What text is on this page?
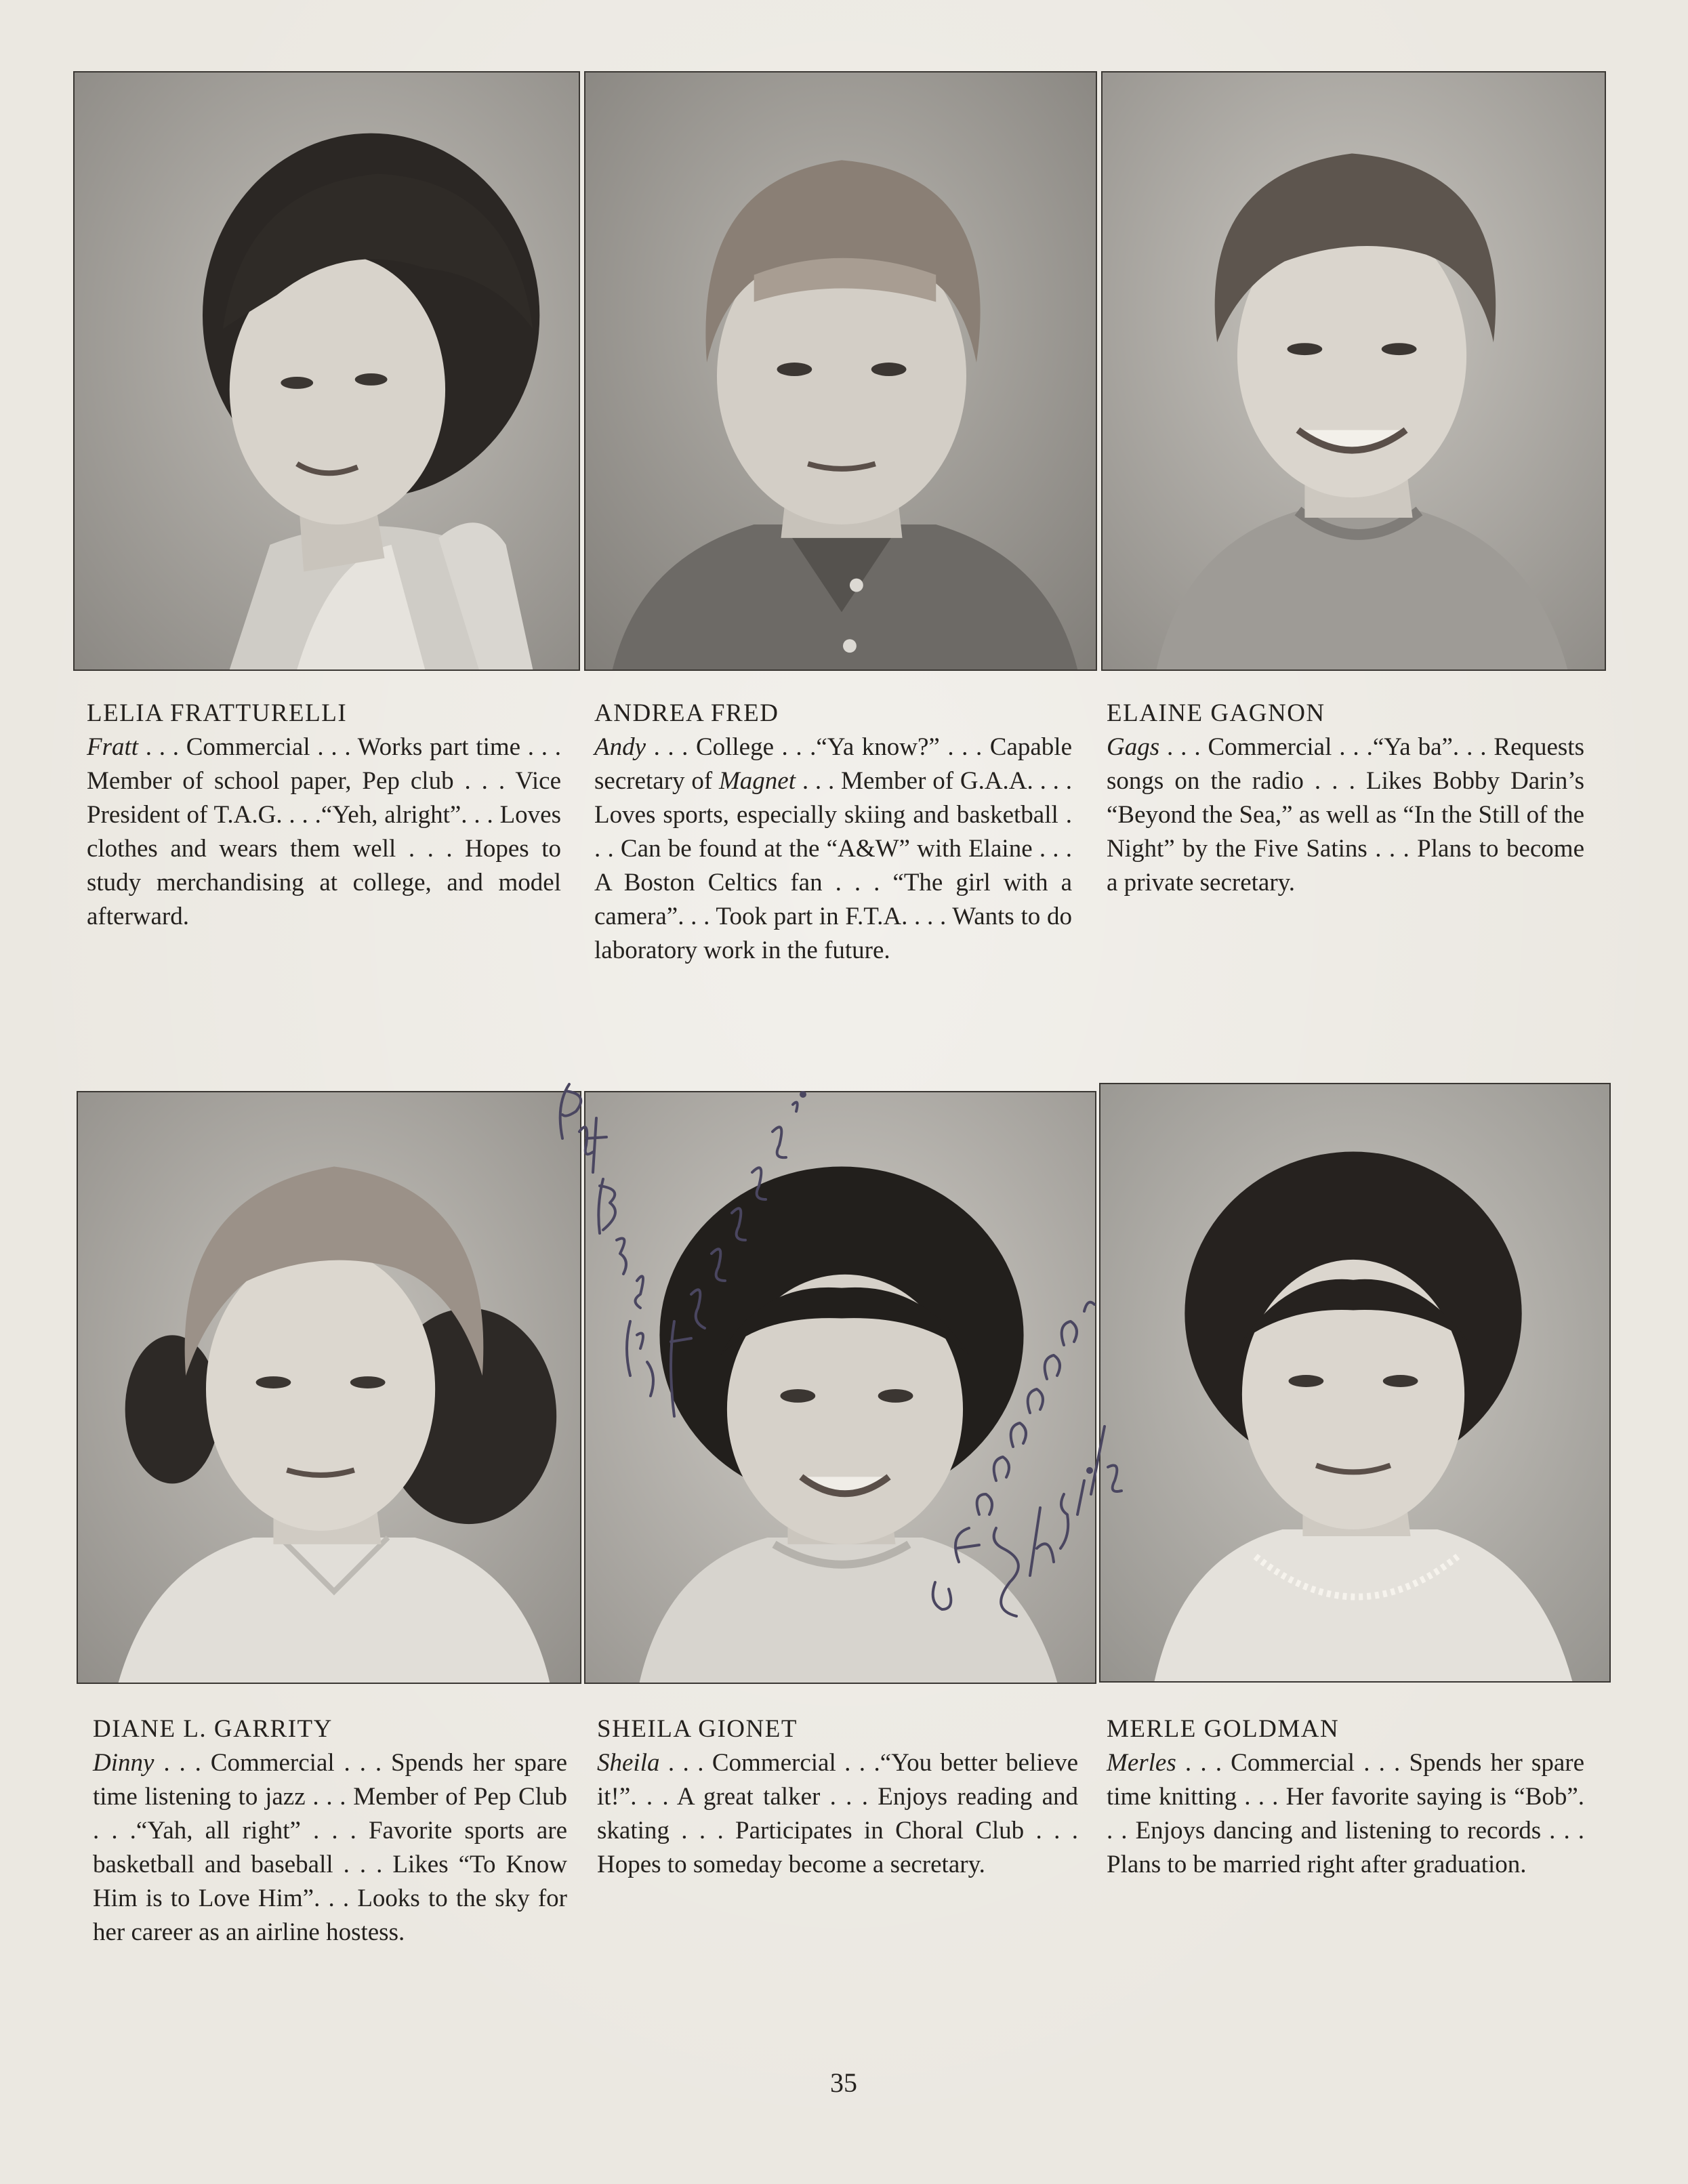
LELIA FRATTURELLI
Fratt . . . Commercial . . . Works part time . . . Member of school paper, Pep club . . . Vice President of T.A.G. . . .“Yeh, alright”. . . Loves clothes and wears them well . . . Hopes to study merchandising at college, and model afterward.
ANDREA FRED
Andy . . . College . . .“Ya know?” . . . Capable secretary of Magnet . . . Member of G.A.A. . . . Loves sports, especially skiing and basketball . . . Can be found at the “A&W” with Elaine . . . A Boston Celtics fan . . . “The girl with a camera”. . . Took part in F.T.A. . . . Wants to do laboratory work in the future.
ELAINE GAGNON
Gags . . . Commercial . . .“Ya ba”. . . Requests songs on the radio . . . Likes Bobby Darin’s “Beyond the Sea,” as well as “In the Still of the Night” by the Five Satins . . . Plans to become a private secretary.
DIANE L. GARRITY
Dinny . . . Commercial . . . Spends her spare time listening to jazz . . . Member of Pep Club . . .“Yah, all right” . . . Favorite sports are basketball and baseball . . . Likes “To Know Him is to Love Him”. . . Looks to the sky for her career as an airline hostess.
SHEILA GIONET
Sheila . . . Commercial . . .“You better believe it!”. . . A great talker . . . Enjoys reading and skating . . . Participates in Choral Club . . . Hopes to someday become a secretary.
MERLE GOLDMAN
Merles . . . Commercial . . . Spends her spare time knitting . . . Her favorite saying is “Bob”. . . Enjoys dancing and listening to records . . . Plans to be married right after graduation.
35
